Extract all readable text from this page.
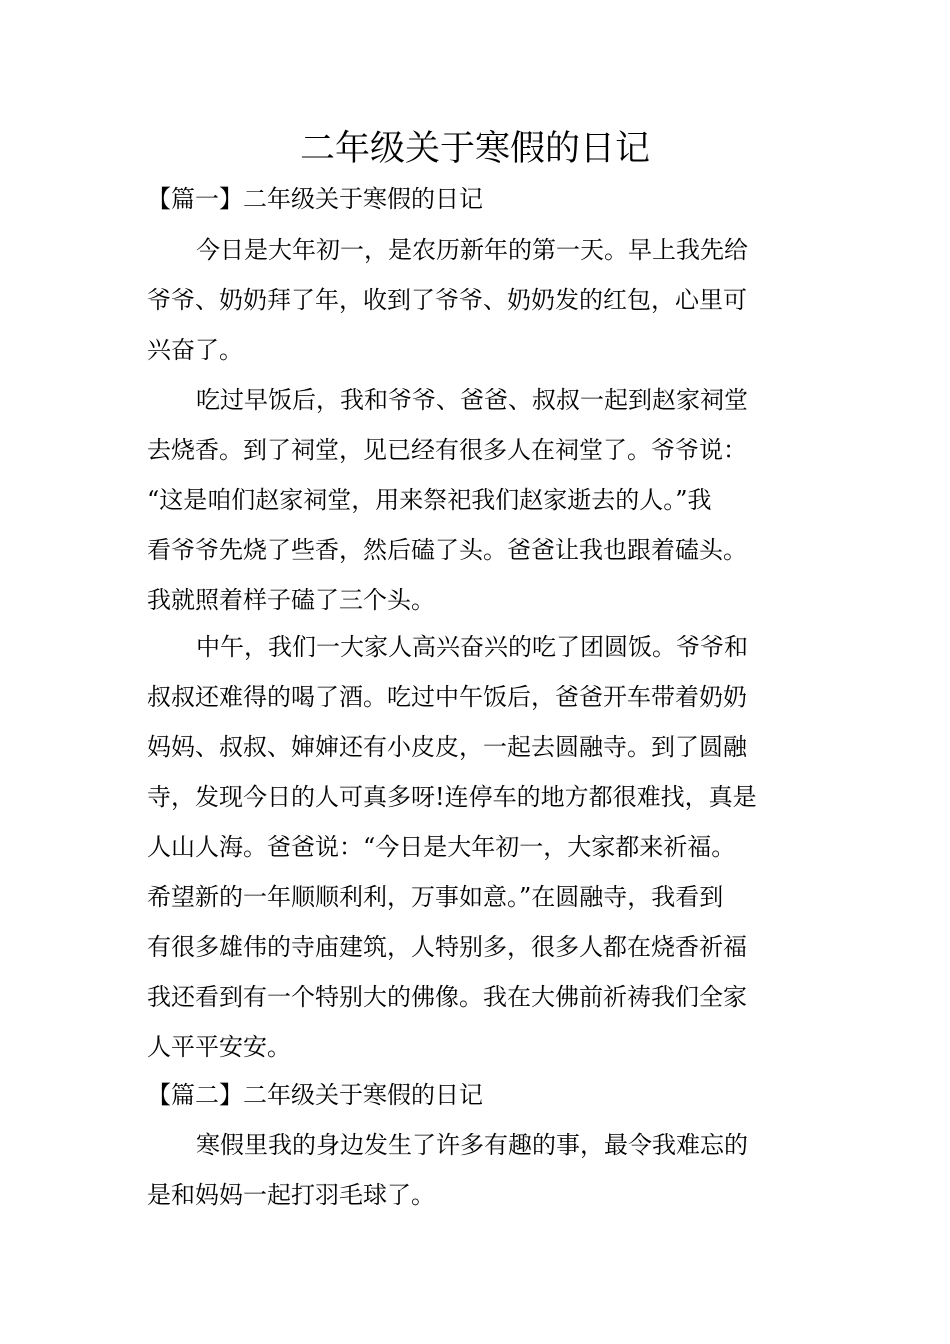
二年级关于寒假的日记
【篇一】二年级关于寒假的日记
今日是大年初一，是农历新年的第一天。早上我先给
爷爷、奶奶拜了年，收到了爷爷、奶奶发的红包，心里可
兴奋了。
吃过早饭后，我和爷爷、爸爸、叔叔一起到赵家祠堂
去烧香。到了祠堂，见已经有很多人在祠堂了。爷爷说：
“这是咱们赵家祠堂，用来祭祀我们赵家逝去的人。”我
看爷爷先烧了些香，然后磕了头。爸爸让我也跟着磕头。
我就照着样子磕了三个头。
中午，我们一大家人高兴奋兴的吃了团圆饭。爷爷和
叔叔还难得的喝了酒。吃过中午饭后，爸爸开车带着奶奶
妈妈、叔叔、婶婶还有小皮皮，一起去圆融寺。到了圆融
寺，发现今日的人可真多呀!连停车的地方都很难找，真是
人山人海。爸爸说：“今日是大年初一，大家都来祈福。
希望新的一年顺顺利利，万事如意。”在圆融寺，我看到
有很多雄伟的寺庙建筑，人特别多，很多人都在烧香祈福
我还看到有一个特别大的佛像。我在大佛前祈祷我们全家
人平平安安。
【篇二】二年级关于寒假的日记
寒假里我的身边发生了许多有趣的事，最令我难忘的
是和妈妈一起打羽毛球了。
